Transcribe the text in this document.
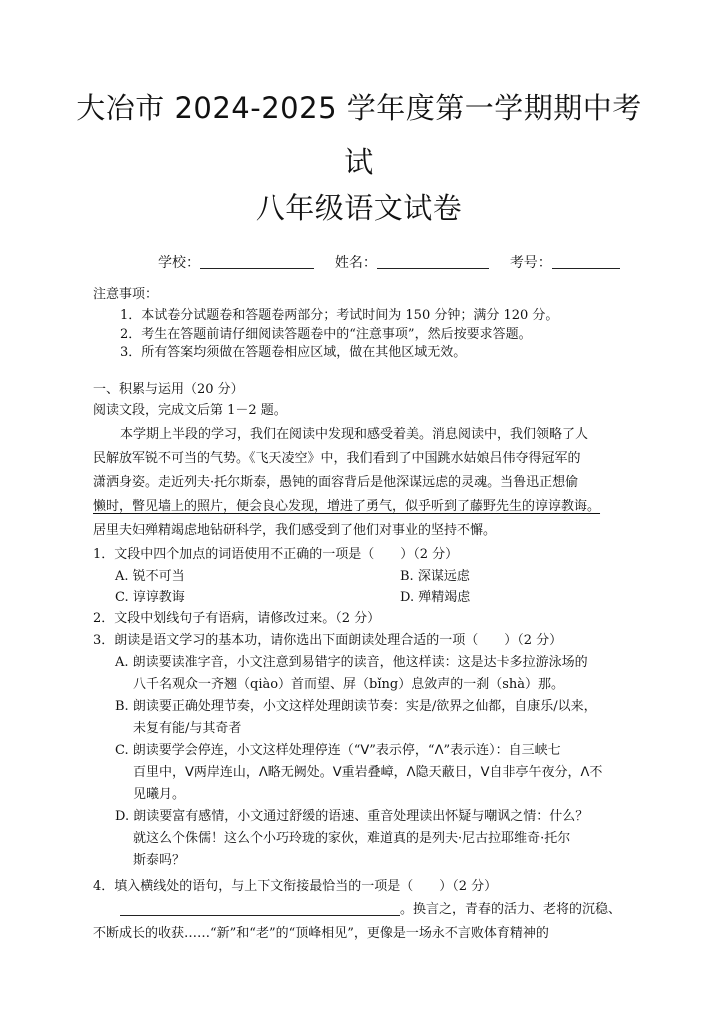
大冶市 2024-2025 学年度第一学期期中考
试
八年级语文试卷
学校：	姓名：	考号：
注意事项：
1．本试卷分试题卷和答题卷两部分；考试时间为 150 分钟；满分 120 分。
2．考生在答题前请仔细阅读答题卷中的“注意事项”，然后按要求答题。
3．所有答案均须做在答题卷相应区域，做在其他区域无效。
一、积累与运用（20 分）
阅读文段，完成文后第 1－2 题。
本学期上半段的学习，我们在阅读中发现和感受着美。消息阅读中，我们领略了人
民解放军锐不可当的气势。《飞天凌空》中，我们看到了中国跳水姑娘吕伟夺得冠军的
潇洒身姿。走近列夫·托尔斯泰，愚钝的面容背后是他深谋远虑的灵魂。当鲁迅正想偷
懒时，瞥见墙上的照片，便会良心发现，增进了勇气，似乎听到了藤野先生的谆谆教诲。
居里夫妇殚精竭虑地钻研科学，我们感受到了他们对事业的坚持不懈。
1．文段中四个加点的词语使用不正确的一项是（　　）（2 分）
A. 锐不可当	B. 深谋远虑
C. 谆谆教诲	D. 殚精竭虑
2．文段中划线句子有语病，请修改过来。（2 分）
3．朗读是语文学习的基本功，请你选出下面朗读处理合适的一项（　　）（2 分）
A. 朗读要读准字音，小文注意到易错字的读音，他这样读：这是达卡多拉游泳场的
八千名观众一齐翘（qiào）首而望、屏（bǐng）息敛声的一刹（shà）那。
B. 朗读要正确处理节奏，小文这样处理朗读节奏：实是/欲界之仙都，自康乐/以来，
未复有能/与其奇者
C. 朗读要学会停连，小文这样处理停连（“ᐯ”表示停，“ᐱ”表示连）：自三峡七
百里中，ᐯ两岸连山，ᐱ略无阙处。ᐯ重岩叠嶂，ᐱ隐天蔽日，ᐯ自非亭午夜分，ᐱ不
见曦月。
D. 朗读要富有感情，小文通过舒缓的语速、重音处理读出怀疑与嘲讽之情：什么？
就这么个侏儒！这么个小巧玲珑的家伙，难道真的是列夫·尼古拉耶维奇·托尔
斯泰吗？
4．填入横线处的语句，与上下文衔接最恰当的一项是（　　）（2 分）
。换言之，青春的活力、老将的沉稳、
不断成长的收获……“新”和“老”的“顶峰相见”，更像是一场永不言败体育精神的
